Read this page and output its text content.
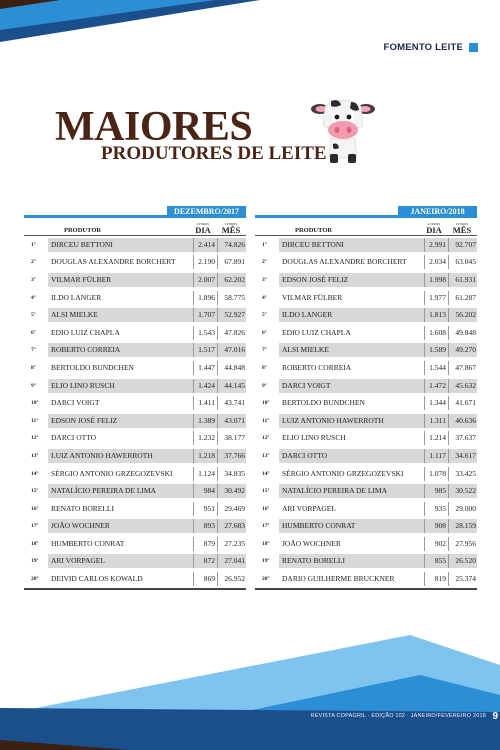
FOMENTO LEITE
MAIORES
PRODUTORES DE LEITE
DEZEMBRO/2017
PRODUTOR
LITROS
DIA
LITROS
MÊS
1º	DIRCEU BETTONI	2.414	74.826
2º	DOUGLAS ALEXANDRE BORCHERT	2.190	67.891
3º	VILMAR FÜLBER	2.007	62.202
4º	ILDO LANGER	1.896	58.775
5º	ALSI MIELKE	1.707	52.927
6º	EDIO LUIZ CHAPLA	1.543	47.826
7º	ROBERTO CORREIA	1.517	47.016
8º	BERTOLDO BUNDCHEN	1.447	44.848
9º	ELIO LINO RUSCH	1.424	44.145
10º	DARCI VOIGT	1.411	43.741
11º	EDSON JOSÉ FELIZ	1.389	43.071
12º	DARCI OTTO	1.232	38.177
13º	LUIZ ANTONIO HAWERROTH	1.218	37.766
14º	SÉRGIO ANTONIO GRZEGOZEVSKI	1.124	34.835
15º	NATALÍCIO PEREIRA DE LIMA	984	30.492
16º	RENATO BORELLI	951	29.469
17º	JOÃO WOCHNER	893	27.683
18º	HUMBERTO CONRAT	879	27.235
19º	ARI VORPAGEL	872	27.041
20º	DEIVID CARLOS KOWALD	869	26.952
JANEIRO/2018
PRODUTOR
LITROS
DIA
LITROS
MÊS
1º	DIRCEU BETTONI	2.991	92.707
2º	DOUGLAS ALEXANDRE BORCHERT	2.034	63.045
3º	EDSON JOSÉ FELIZ	1.998	61.931
4º	VILMAR FÜLBER	1.977	61.287
5º	ILDO LANGER	1.813	56.202
6º	EDIO LUIZ CHAPLA	1.608	49.848
7º	ALSI MIELKE	1.589	49.270
8º	ROBERTO CORREIA	1.544	47.867
9º	DARCI VOIGT	1.472	45.632
10º	BERTOLDO BUNDCHEN	1.344	41.671
11º	LUIZ ANTONIO HAWERROTH	1.311	40.636
12º	ELIO LINO RUSCH	1.214	37.637
13º	DARCI OTTO	1.117	34.617
14º	SÉRGIO ANTONIO GRZEGOZEVSKI	1.078	33.425
15º	NATALÍCIO PEREIRA DE LIMA	985	30.522
16º	ARI VORPAGEL	935	29.000
17º	HUMBERTO CONRAT	908	28.159
18º	JOÃO WOCHNER	902	27.956
19º	RENATO BORELLI	855	26.520
20º	DARIO GUILHERME BRUCKNER	819	25.374
REVISTA COPAGRIL · EDIÇÃO 102 · JANEIRO/FEVEREIRO 2018 9
